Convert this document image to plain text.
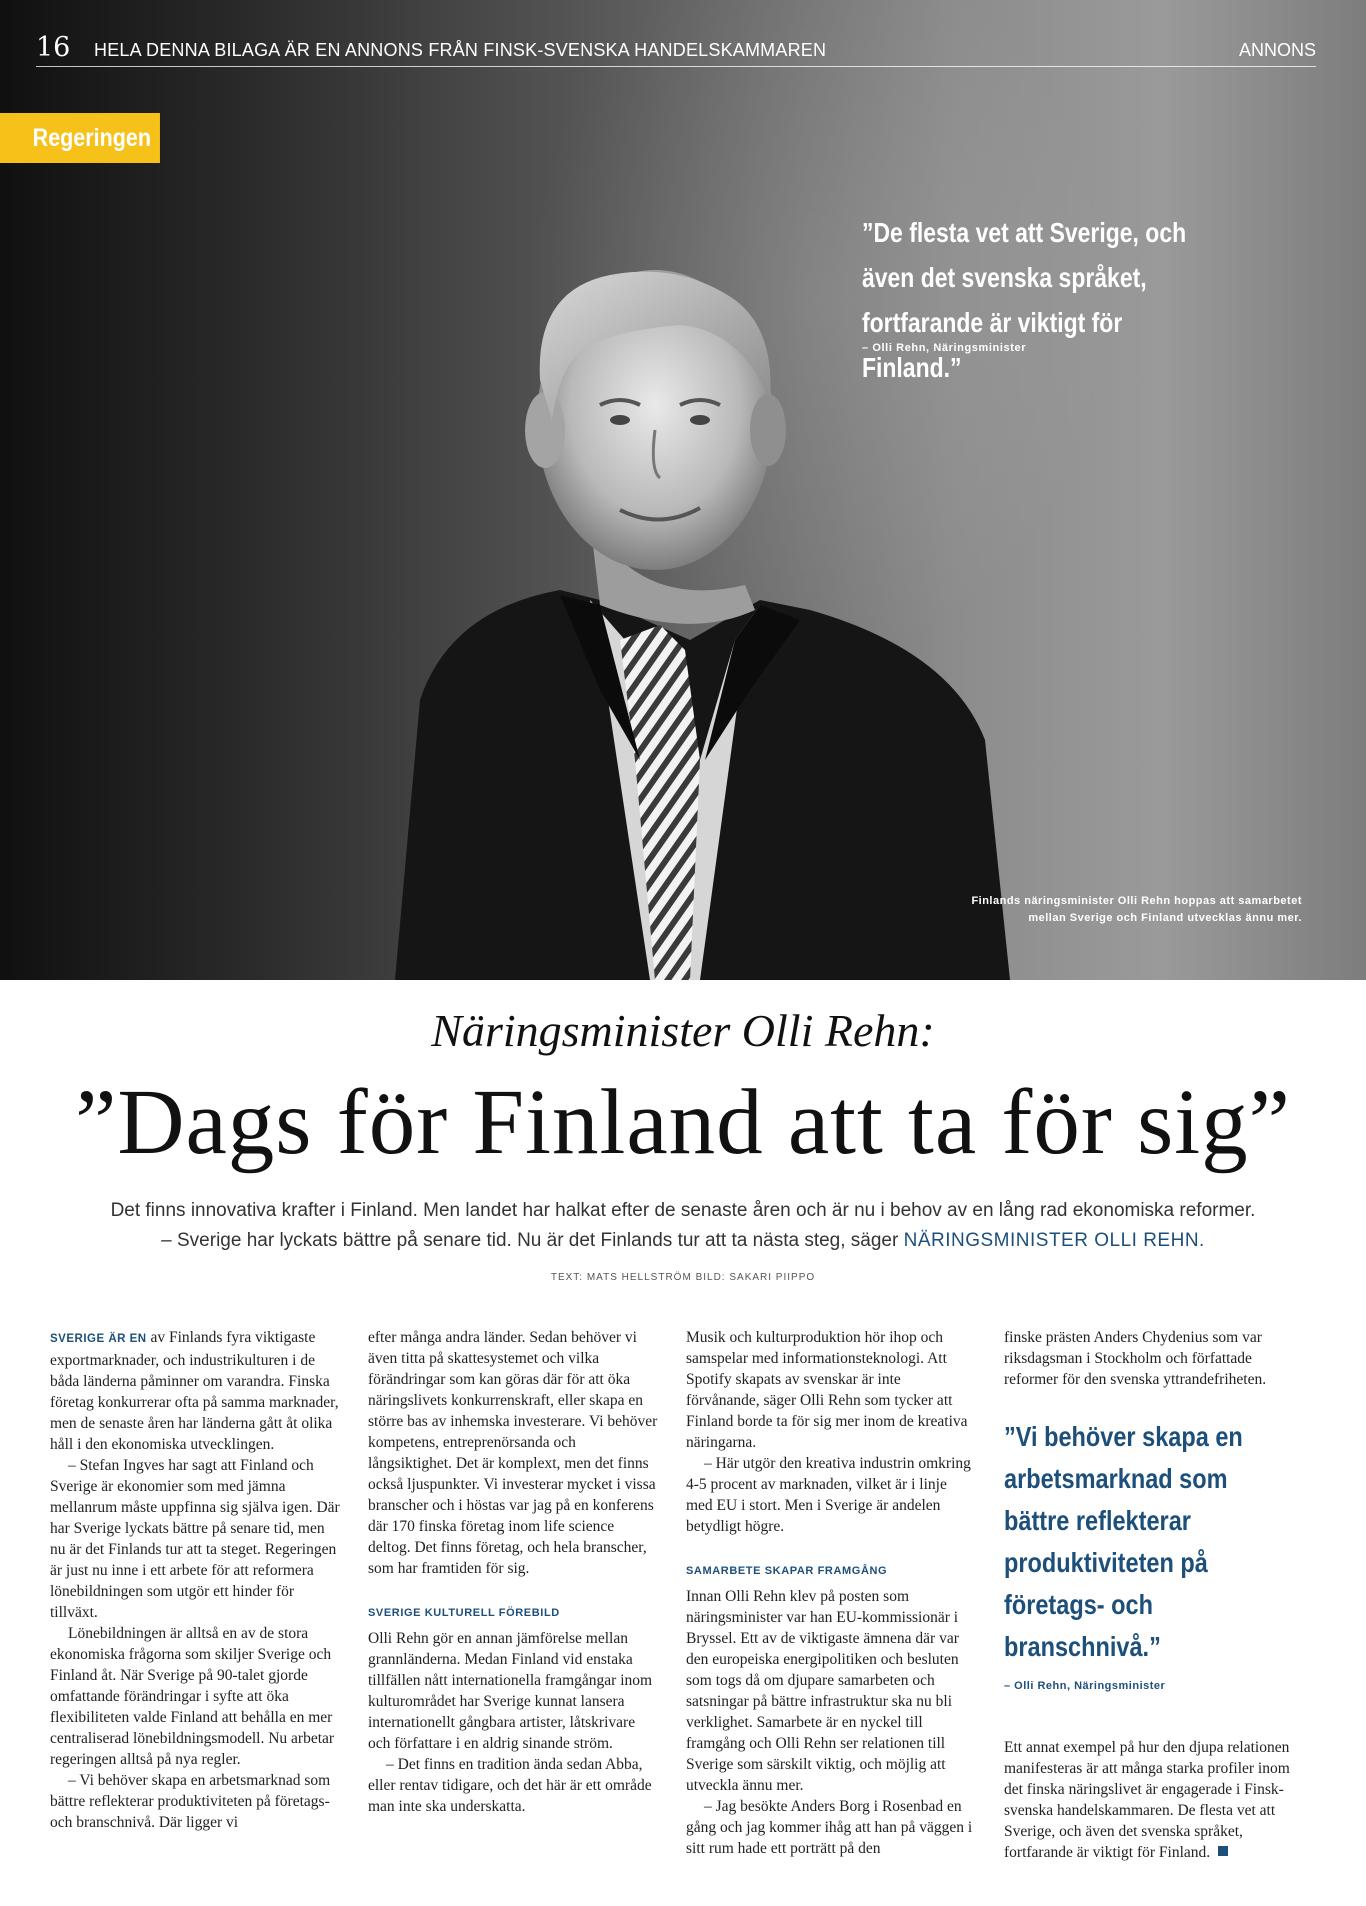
16 HELA DENNA BILAGA ÄR EN ANNONS FRÅN FINSK-SVENSKA HANDELSKAMMAREN	ANNONS
Regeringen
”De flesta vet att Sverige, och även det svenska språket, fortfarande är viktigt för Finland.”
– Olli Rehn, Näringsminister
Finlands näringsminister Olli Rehn hoppas att samarbetet mellan Sverige och Finland utvecklas ännu mer.
Näringsminister Olli Rehn:
”Dags för Finland att ta för sig”
Det finns innovativa krafter i Finland. Men landet har halkat efter de senaste åren och är nu i behov av en lång rad ekonomiska reformer.
– Sverige har lyckats bättre på senare tid. Nu är det Finlands tur att ta nästa steg, säger NÄRINGSMINISTER OLLI REHN.
TEXT: MATS HELLSTRÖM BILD: SAKARI PIIPPO

SVERIGE ÄR EN av Finlands fyra viktigaste exportmarknader, och industrikulturen i de båda länderna påminner om varandra. Finska företag konkurrerar ofta på samma marknader, men de senaste åren har länderna gått åt olika håll i den ekonomiska utvecklingen.

– Stefan Ingves har sagt att Finland och Sverige är ekonomier som med jämna mellanrum måste uppfinna sig själva igen. Där har Sverige lyckats bättre på senare tid, men nu är det Finlands tur att ta steget. Regeringen är just nu inne i ett arbete för att reformera lönebildningen som utgör ett hinder för tillväxt.

Lönebildningen är alltså en av de stora ekonomiska frågorna som skiljer Sverige och Finland åt. När Sverige på 90-talet gjorde omfattande förändringar i syfte att öka flexibiliteten valde Finland att behålla en mer centraliserad lönebildningsmodell. Nu arbetar regeringen alltså på nya regler.

– Vi behöver skapa en arbetsmarknad som bättre reflekterar produktiviteten på företags- och branschnivå. Där ligger vi

efter många andra länder. Sedan behöver vi även titta på skattesystemet och vilka förändringar som kan göras där för att öka näringslivets konkurrenskraft, eller skapa en större bas av inhemska investerare. Vi behöver kompetens, entreprenörsanda och långsiktighet. Det är komplext, men det finns också ljuspunkter. Vi investerar mycket i vissa branscher och i höstas var jag på en konferens där 170 finska företag inom life science deltog. Det finns företag, och hela branscher, som har framtiden för sig.

SVERIGE KULTURELL FÖREBILD

Olli Rehn gör en annan jämförelse mellan grannländerna. Medan Finland vid enstaka tillfällen nått internationella framgångar inom kulturområdet har Sverige kunnat lansera internationellt gångbara artister, låtskrivare och författare i en aldrig sinande ström.

– Det finns en tradition ända sedan Abba, eller rentav tidigare, och det här är ett område man inte ska underskatta.

Musik och kulturproduktion hör ihop och samspelar med informationsteknologi. Att Spotify skapats av svenskar är inte förvånande, säger Olli Rehn som tycker att Finland borde ta för sig mer inom de kreativa näringarna.

– Här utgör den kreativa industrin omkring 4-5 procent av marknaden, vilket är i linje med EU i stort. Men i Sverige är andelen betydligt högre.

SAMARBETE SKAPAR FRAMGÅNG

Innan Olli Rehn klev på posten som näringsminister var han EU-kommissionär i Bryssel. Ett av de viktigaste ämnena där var den europeiska energipolitiken och besluten som togs då om djupare samarbeten och satsningar på bättre infrastruktur ska nu bli verklighet. Samarbete är en nyckel till framgång och Olli Rehn ser relationen till Sverige som särskilt viktig, och möjlig att utveckla ännu mer.

– Jag besökte Anders Borg i Rosenbad en gång och jag kommer ihåg att han på väggen i sitt rum hade ett porträtt på den

finske prästen Anders Chydenius som var riksdagsman i Stockholm och författade reformer för den svenska yttrandefriheten.

”Vi behöver skapa en arbetsmarknad som bättre reflekterar produktiviteten på företags- och branschnivå.”
– Olli Rehn, Näringsminister

Ett annat exempel på hur den djupa relationen manifesteras är att många starka profiler inom det finska näringslivet är engagerade i Finsk-svenska handelskammaren. De flesta vet att Sverige, och även det svenska språket, fortfarande är viktigt för Finland.
